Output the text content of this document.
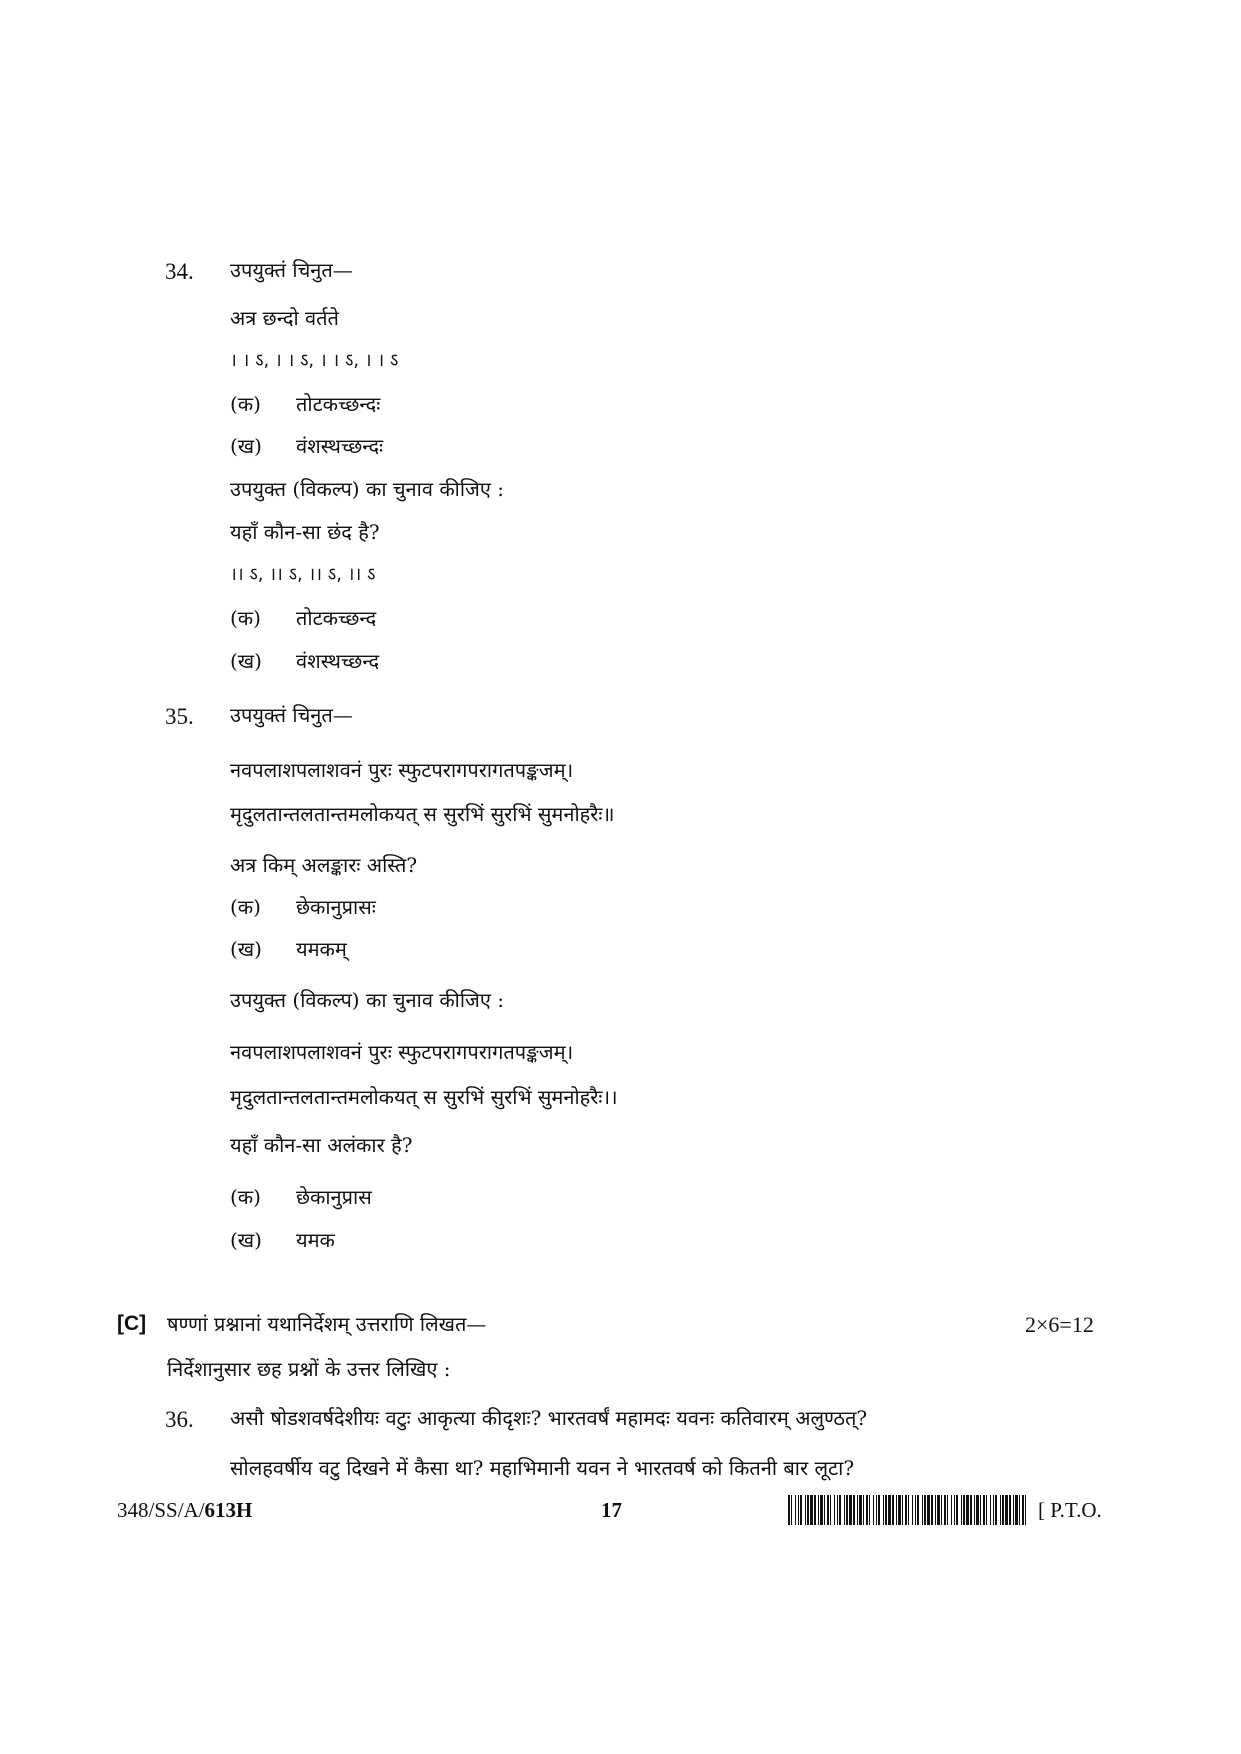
34. उपयुक्तं चिनुत—
अत्र छन्दो वर्तते
। । ऽ, । । ऽ, । । ऽ, । । ऽ
(क) तोटकच्छन्दः
(ख) वंशस्थच्छन्दः
उपयुक्त (विकल्प) का चुनाव कीजिए :
यहाँ कौन-सा छंद है?
।। ऽ, ।। ऽ, ।। ऽ, ।। ऽ
(क) तोटकच्छन्द
(ख) वंशस्थच्छन्द
35. उपयुक्तं चिनुत—
नवपलाशपलाशवनं पुरः स्फुटपरागपरागतपङ्कजम्।
मृदुलतान्तलतान्तमलोकयत् स सुरभिं सुरभिं सुमनोहरैः॥
अत्र किम् अलङ्कारः अस्ति?
(क) छेकानुप्रासः
(ख) यमकम्
उपयुक्त (विकल्प) का चुनाव कीजिए :
नवपलाशपलाशवनं पुरः स्फुटपरागपरागतपङ्कजम्।
मृदुलतान्तलतान्तमलोकयत् स सुरभिं सुरभिं सुमनोहरैः।।
यहाँ कौन-सा अलंकार है?
(क) छेकानुप्रास
(ख) यमक
[C] षण्णां प्रश्नानां यथानिर्देशम् उत्तराणि लिखत—	2×6=12
निर्देशानुसार छह प्रश्नों के उत्तर लिखिए :
36. असौ षोडशवर्षदेशीयः वटुः आकृत्या कीदृशः? भारतवर्षं महामदः यवनः कतिवारम् अलुण्ठत्?
सोलहवर्षीय वटु दिखने में कैसा था? महाभिमानी यवन ने भारतवर्ष को कितनी बार लूटा?
348/SS/A/613H	17	[ P.T.O.
